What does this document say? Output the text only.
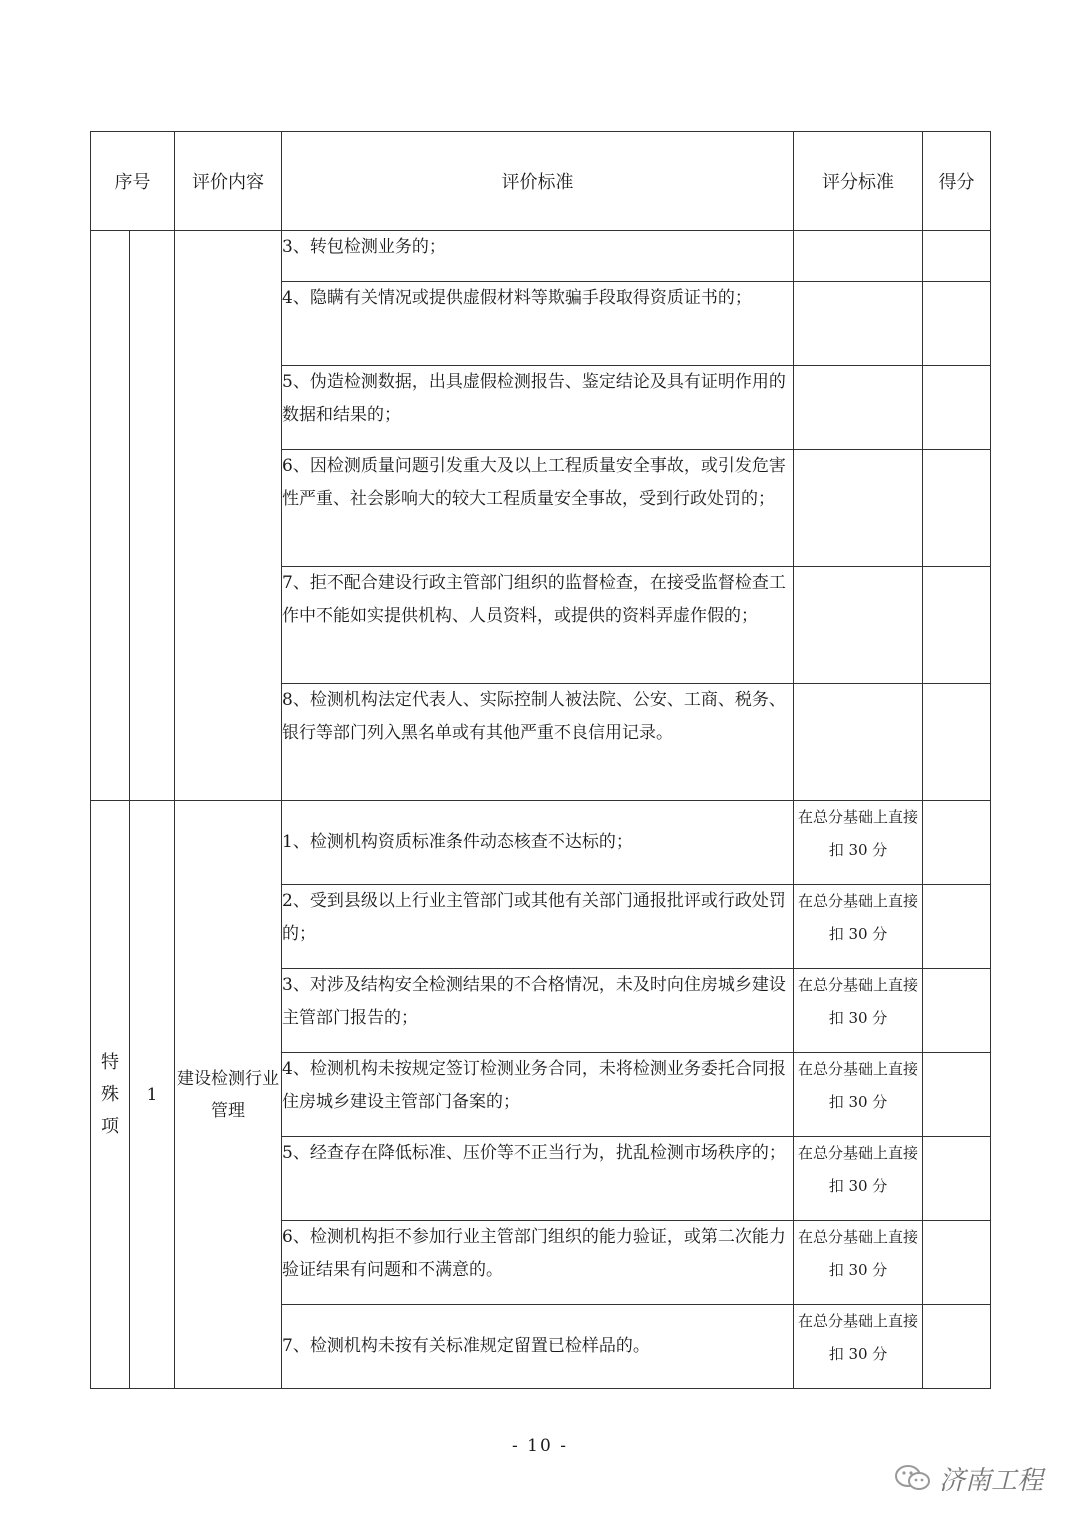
序号		评价内容	评价标准	评分标准	得分
			3、转包检测业务的；		
			4、隐瞒有关情况或提供虚假材料等欺骗手段取得资质证书的；		
			5、伪造检测数据，出具虚假检测报告、鉴定结论及具有证明作用的数据和结果的；		
			6、因检测质量问题引发重大及以上工程质量安全事故，或引发危害性严重、社会影响大的较大工程质量安全事故，受到行政处罚的；		
			7、拒不配合建设行政主管部门组织的监督检查，在接受监督检查工作中不能如实提供机构、人员资料，或提供的资料弄虚作假的；		
			8、检测机构法定代表人、实际控制人被法院、公安、工商、税务、银行等部门列入黑名单或有其他严重不良信用记录。		
特殊项	1	建设检测行业管理	1、检测机构资质标准条件动态核查不达标的；	在总分基础上直接扣 30 分	
			2、受到县级以上行业主管部门或其他有关部门通报批评或行政处罚的；	在总分基础上直接扣 30 分	
			3、对涉及结构安全检测结果的不合格情况，未及时向住房城乡建设主管部门报告的；	在总分基础上直接扣 30 分	
			4、检测机构未按规定签订检测业务合同，未将检测业务委托合同报住房城乡建设主管部门备案的；	在总分基础上直接扣 30 分	
			5、经查存在降低标准、压价等不正当行为，扰乱检测市场秩序的；	在总分基础上直接扣 30 分	
			6、检测机构拒不参加行业主管部门组织的能力验证，或第二次能力验证结果有问题和不满意的。	在总分基础上直接扣 30 分	
			7、检测机构未按有关标准规定留置已检样品的。	在总分基础上直接扣 30 分	
- 10 -
济南工程
